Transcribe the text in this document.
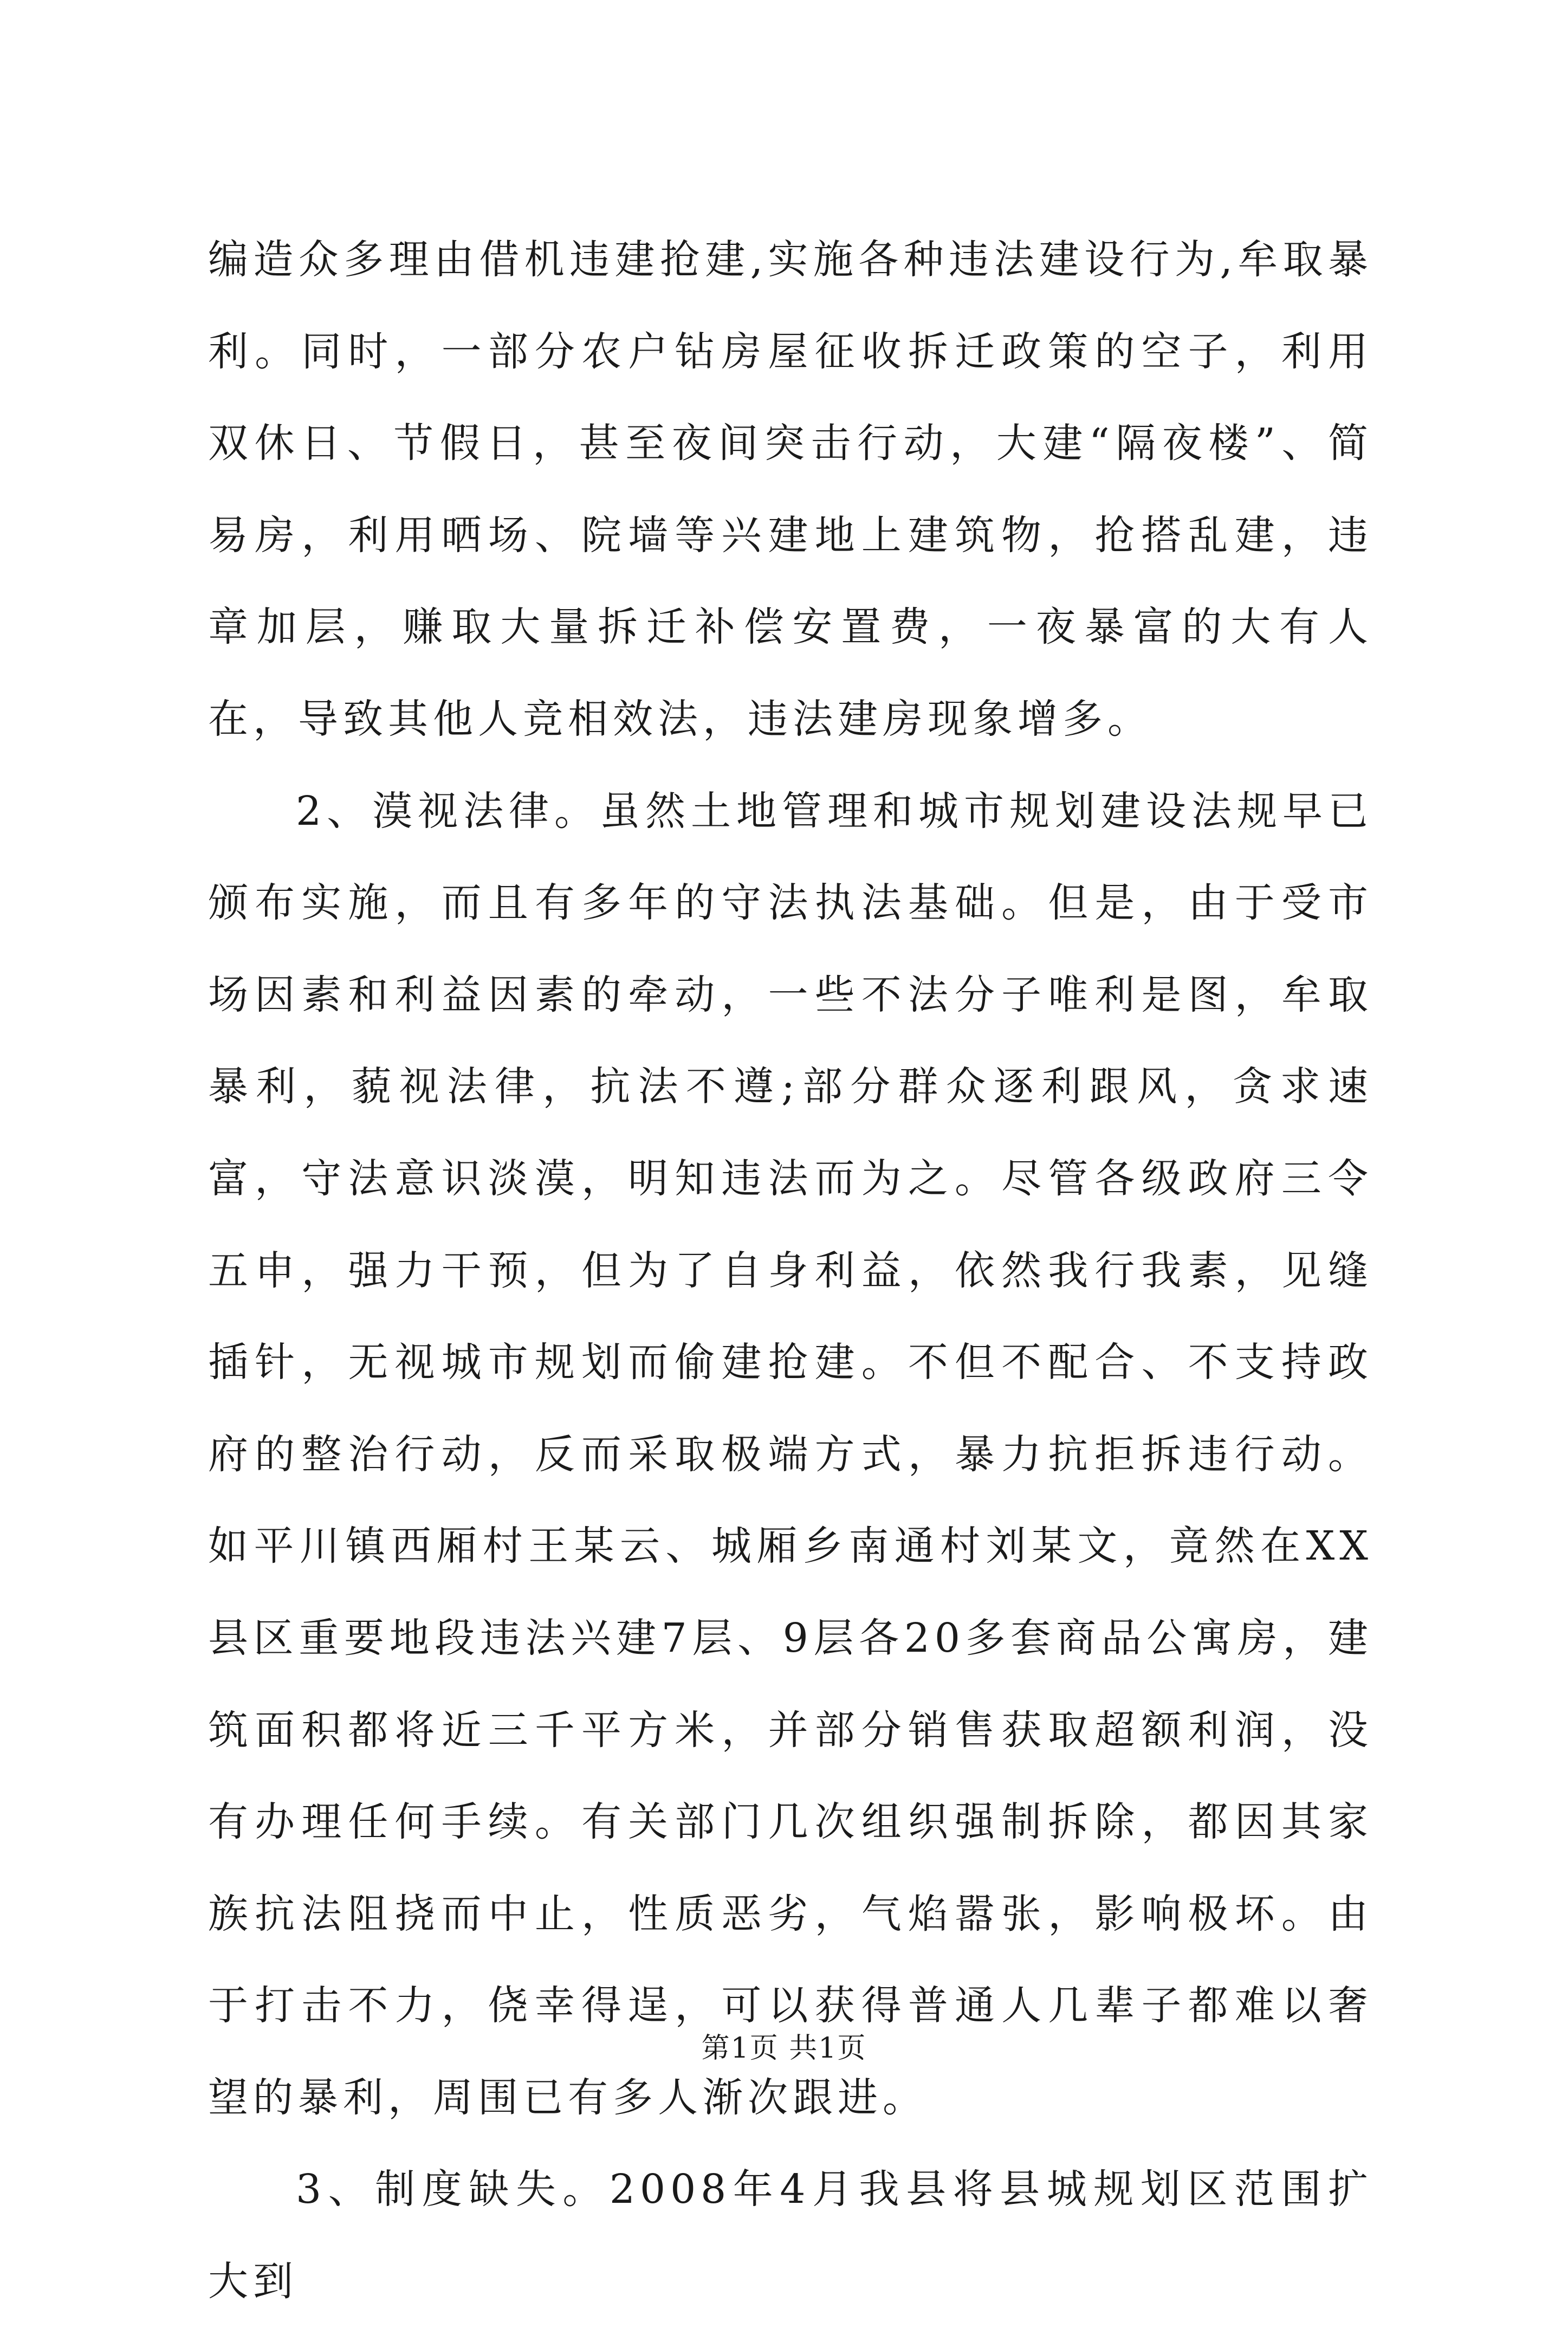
编造众多理由借机违建抢建,实施各种违法建设行为,牟取暴利。同时，一部分农户钻房屋征收拆迁政策的空子，利用双休日、节假日，甚至夜间突击行动，大建“隔夜楼”、简易房，利用晒场、院墙等兴建地上建筑物，抢搭乱建，违章加层，赚取大量拆迁补偿安置费，一夜暴富的大有人在，导致其他人竞相效法，违法建房现象增多。

2、漠视法律。虽然土地管理和城市规划建设法规早已颁布实施，而且有多年的守法执法基础。但是，由于受市场因素和利益因素的牵动，一些不法分子唯利是图，牟取暴利，藐视法律，抗法不遵;部分群众逐利跟风，贪求速富，守法意识淡漠，明知违法而为之。尽管各级政府三令五申，强力干预，但为了自身利益，依然我行我素，见缝插针，无视城市规划而偷建抢建。不但不配合、不支持政府的整治行动，反而采取极端方式，暴力抗拒拆违行动。如平川镇西厢村王某云、城厢乡南通村刘某文，竟然在XX县区重要地段违法兴建7层、9层各20多套商品公寓房，建筑面积都将近三千平方米，并部分销售获取超额利润，没有办理任何手续。有关部门几次组织强制拆除，都因其家族抗法阻挠而中止，性质恶劣，气焰嚣张，影响极坏。由于打击不力，侥幸得逞，可以获得普通人几辈子都难以奢望的暴利，周围已有多人渐次跟进。

3、制度缺失。2008年4月我县将县城规划区范围扩大到

第1页 共1页
